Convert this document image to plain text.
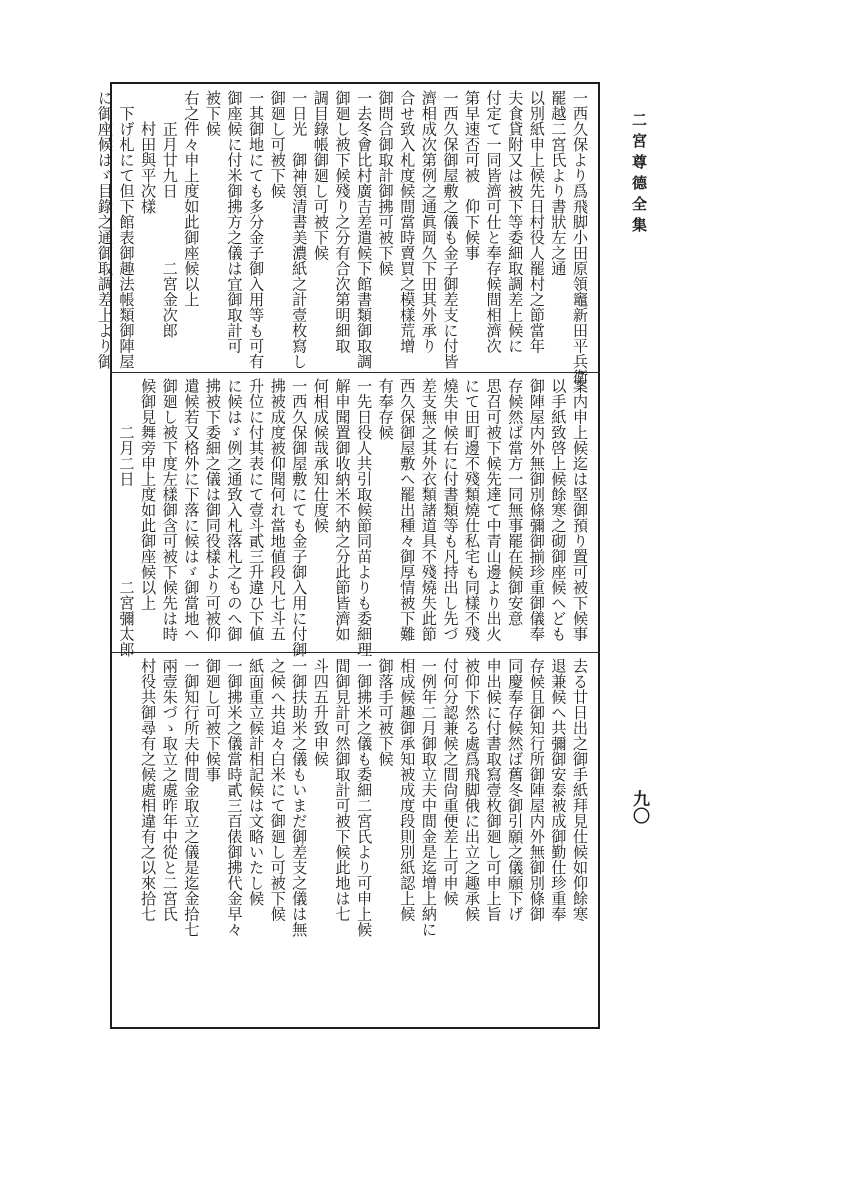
二宮尊德全集
九〇

一西久保より爲飛脚小田原領竈新田平兵衛
罷越二宮氏より書狀左之通
以別紙申上候先日村役人罷村之節當年
夫食貸附又は被下等委細取調差上候に
付定て一同皆濟可仕と奉存候間相濟次
第早速否可被　仰下候事
一西久保御屋敷之儀も金子御差支に付皆
濟相成次第例之通眞岡久下田其外承り
合せ致入札度候間當時賣買之模樣荒增
御問合御取計御拂可被下候
一去冬會比村廣吉差遣候下館書類御取調
御廻し被下候殘り之分有合次第明細取
調目錄帳御廻し可被下候
一日光　御神領清書美濃紙之計壹枚寫し
御廻し可被下候
一其御地にても多分金子御入用等も可有
御座候に付米御拂方之儀は宜御取計可
被下候
右之件々申上度如此御座候以上
　　正月廿九日　　　　二宮金次郎
　　村田與平次樣
　下げ札にて但下館表御趣法帳類御陣屋
に御座候はゞ目錄之通御取調差上より御

案内申上候迄は堅御預り置可被下候事
以手紙致啓上候餘寒之砌御座候へども
御陣屋内外無御別條彌御揃珍重御儀奉
存候然ば當方一同無事罷在候御安意
思召可被下候先達て中青山邊より出火
にて田町邊不殘類燒仕私宅も同樣不殘
燒失申候右に付書類等も凡持出し先づ
差支無之其外衣類諸道具不殘燒失此節
西久保御屋敷へ罷出種々御厚情被下難
有奉存候
一先日役人共引取候節同苗よりも委細理
解申聞置御收納米不納之分此節皆濟如
何相成候哉承知仕度候
一西久保御屋敷にても金子御入用に付御
拂被成度被仰聞何れ當地値段凡七斗五
升位に付其表にて壹斗貳三升違ひ下値
に候はゞ例之通致入札落札之ものへ御
拂被下委細之儀は御同役樣より可被仰
遣候若又格外に下落に候はゞ御當地へ
御廻し被下度左樣御含可被下候先は時
候御見舞旁申上度如此御座候以上
　　　二月二日　　　　　　二宮彌太郎

去る廿日出之御手紙拜見仕候如仰餘寒
退兼候へ共彌御安泰被成御勤仕珍重奉
存候且御知行所御陣屋内外無御別條御
同慶奉存候然ば舊冬御引願之儀願下げ
申出候に付書取寫壹枚御廻し可申上旨
被仰下然る處爲飛脚俄に出立之趣承候
付何分認兼候之間尙重便差上可申候
一例年二月御取立夫中間金是迄增上納に
相成候趣御承知被成度段則別紙認上候
御落手可被下候
一御拂米之儀も委細二宮氏より可申上候
間御見計可然御取計可被下候此地は七
斗四五升致申候
一御扶助米之儀もいまだ御差支之儀は無
之候へ共追々白米にて御廻し可被下候
紙面重立候計相記候は文略いたし候
一御拂米之儀當時貳三百俵御拂代金早々
御廻し可被下候事
一御知行所夫仲間金取立之儀是迄金拾七
兩壹朱づゝ取立之處昨年中從と二宮氏
村役共御尋有之候處相違有之以來拾七
